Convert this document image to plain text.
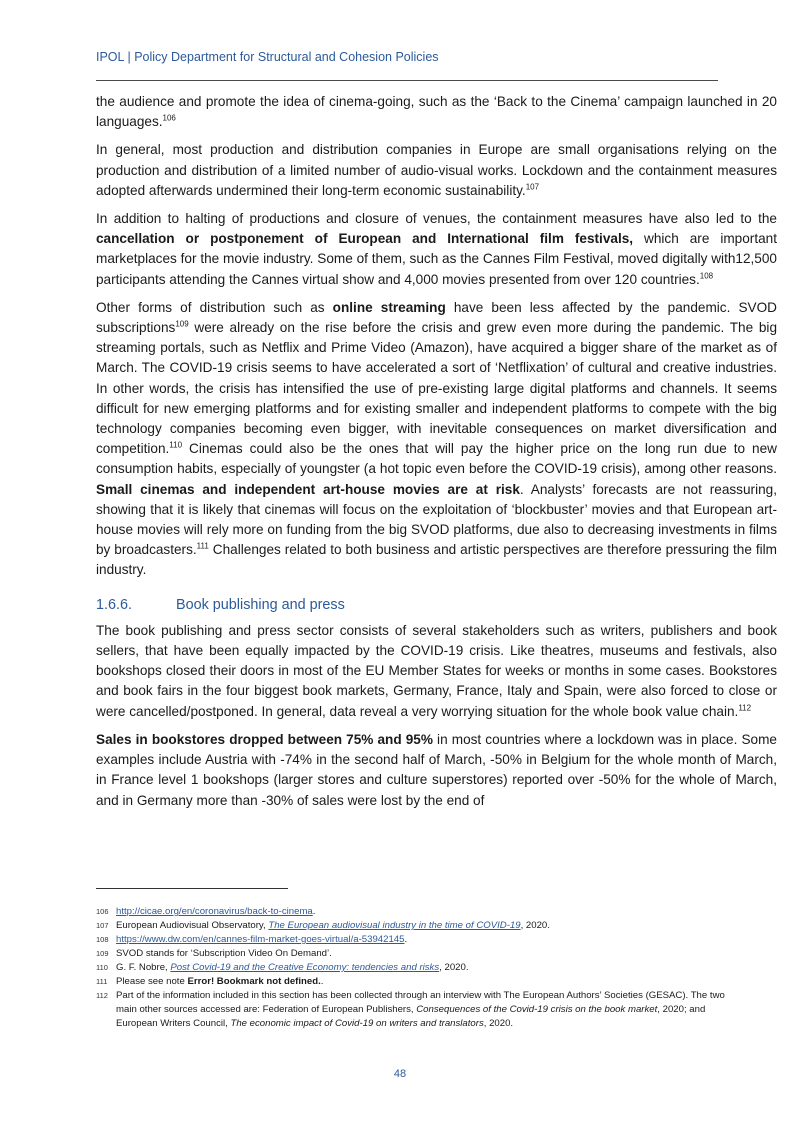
IPOL | Policy Department for Structural and Cohesion Policies

the audience and promote the idea of cinema-going, such as the ‘Back to the Cinema’ campaign launched in 20 languages.$^{106}$

In general, most production and distribution companies in Europe are small organisations relying on the production and distribution of a limited number of audio-visual works. Lockdown and the containment measures adopted afterwards undermined their long-term economic sustainability.$^{107}$

In addition to halting of productions and closure of venues, the containment measures have also led to the cancellation or postponement of European and International film festivals, which are important marketplaces for the movie industry. Some of them, such as the Cannes Film Festival, moved digitally with12,500 participants attending the Cannes virtual show and 4,000 movies presented from over 120 countries.$^{108}$

Other forms of distribution such as online streaming have been less affected by the pandemic. SVOD subscriptions$^{109}$ were already on the rise before the crisis and grew even more during the pandemic. The big streaming portals, such as Netflix and Prime Video (Amazon), have acquired a bigger share of the market as of March. The COVID-19 crisis seems to have accelerated a sort of ‘Netflixation’ of cultural and creative industries. In other words, the crisis has intensified the use of pre-existing large digital platforms and channels. It seems difficult for new emerging platforms and for existing smaller and independent platforms to compete with the big technology companies becoming even bigger, with inevitable consequences on market diversification and competition.$^{110}$ Cinemas could also be the ones that will pay the higher price on the long run due to new consumption habits, especially of youngster (a hot topic even before the COVID-19 crisis), among other reasons. Small cinemas and independent art-house movies are at risk. Analysts’ forecasts are not reassuring, showing that it is likely that cinemas will focus on the exploitation of ‘blockbuster’ movies and that European art-house movies will rely more on funding from the big SVOD platforms, due also to decreasing investments in films by broadcasters.$^{111}$ Challenges related to both business and artistic perspectives are therefore pressuring the film industry.

1.6.6.	Book publishing and press

The book publishing and press sector consists of several stakeholders such as writers, publishers and book sellers, that have been equally impacted by the COVID-19 crisis. Like theatres, museums and festivals, also bookshops closed their doors in most of the EU Member States for weeks or months in some cases. Bookstores and book fairs in the four biggest book markets, Germany, France, Italy and Spain, were also forced to close or were cancelled/postponed. In general, data reveal a very worrying situation for the whole book value chain.$^{112}$

Sales in bookstores dropped between 75% and 95% in most countries where a lockdown was in place. Some examples include Austria with -74% in the second half of March, -50% in Belgium for the whole month of March, in France level 1 bookshops (larger stores and culture superstores) reported over -50% for the whole of March, and in Germany more than -30% of sales were lost by the end of

106 http://cicae.org/en/coronavirus/back-to-cinema.
107 European Audiovisual Observatory, The European audiovisual industry in the time of COVID-19, 2020.
108 https://www.dw.com/en/cannes-film-market-goes-virtual/a-53942145.
109 SVOD stands for ‘Subscription Video On Demand’.
110 G. F. Nobre, Post Covid-19 and the Creative Economy: tendencies and risks, 2020.
111 Please see note Error! Bookmark not defined..
112 Part of the information included in this section has been collected through an interview with The European Authors’ Societies (GESAC). The two main other sources accessed are: Federation of European Publishers, Consequences of the Covid-19 crisis on the book market, 2020; and European Writers Council, The economic impact of Covid-19 on writers and translators, 2020.
48
